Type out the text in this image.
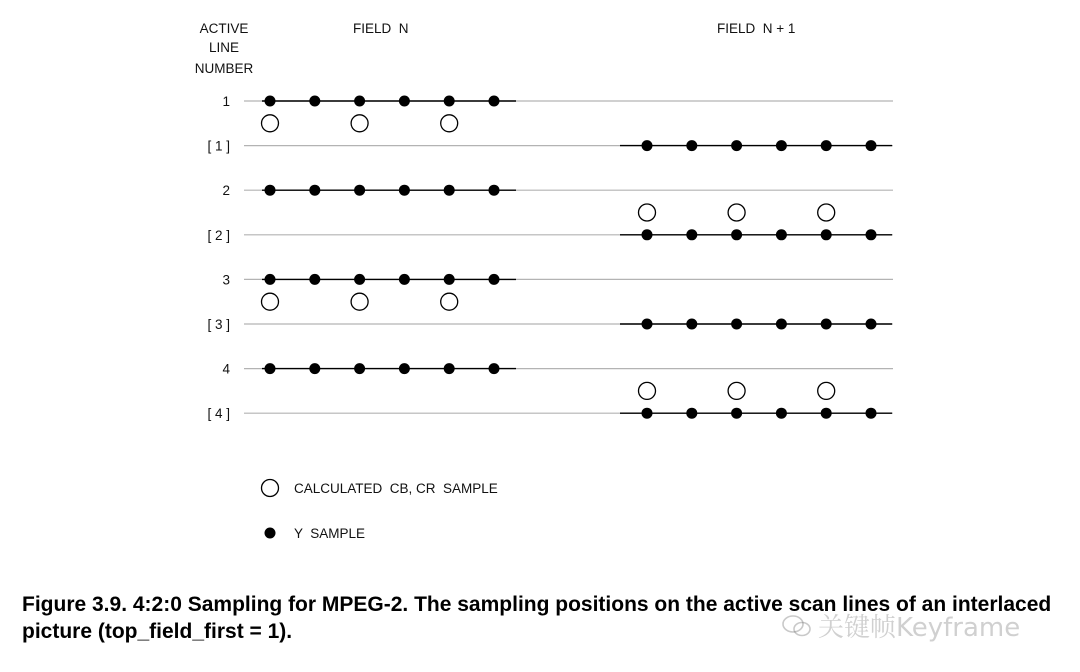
ACTIVE
LINE
NUMBER
FIELD  N	FIELD  N + 1
1
[ 1 ]
2
[ 2 ]
3
[ 3 ]
4
[ 4 ]
CALCULATED  CB, CR  SAMPLE
Y  SAMPLE
Figure 3.9. 4:2:0 Sampling for MPEG-2. The sampling positions on the active scan lines of an interlaced picture (top_field_first = 1).	关键帧Keyframe
